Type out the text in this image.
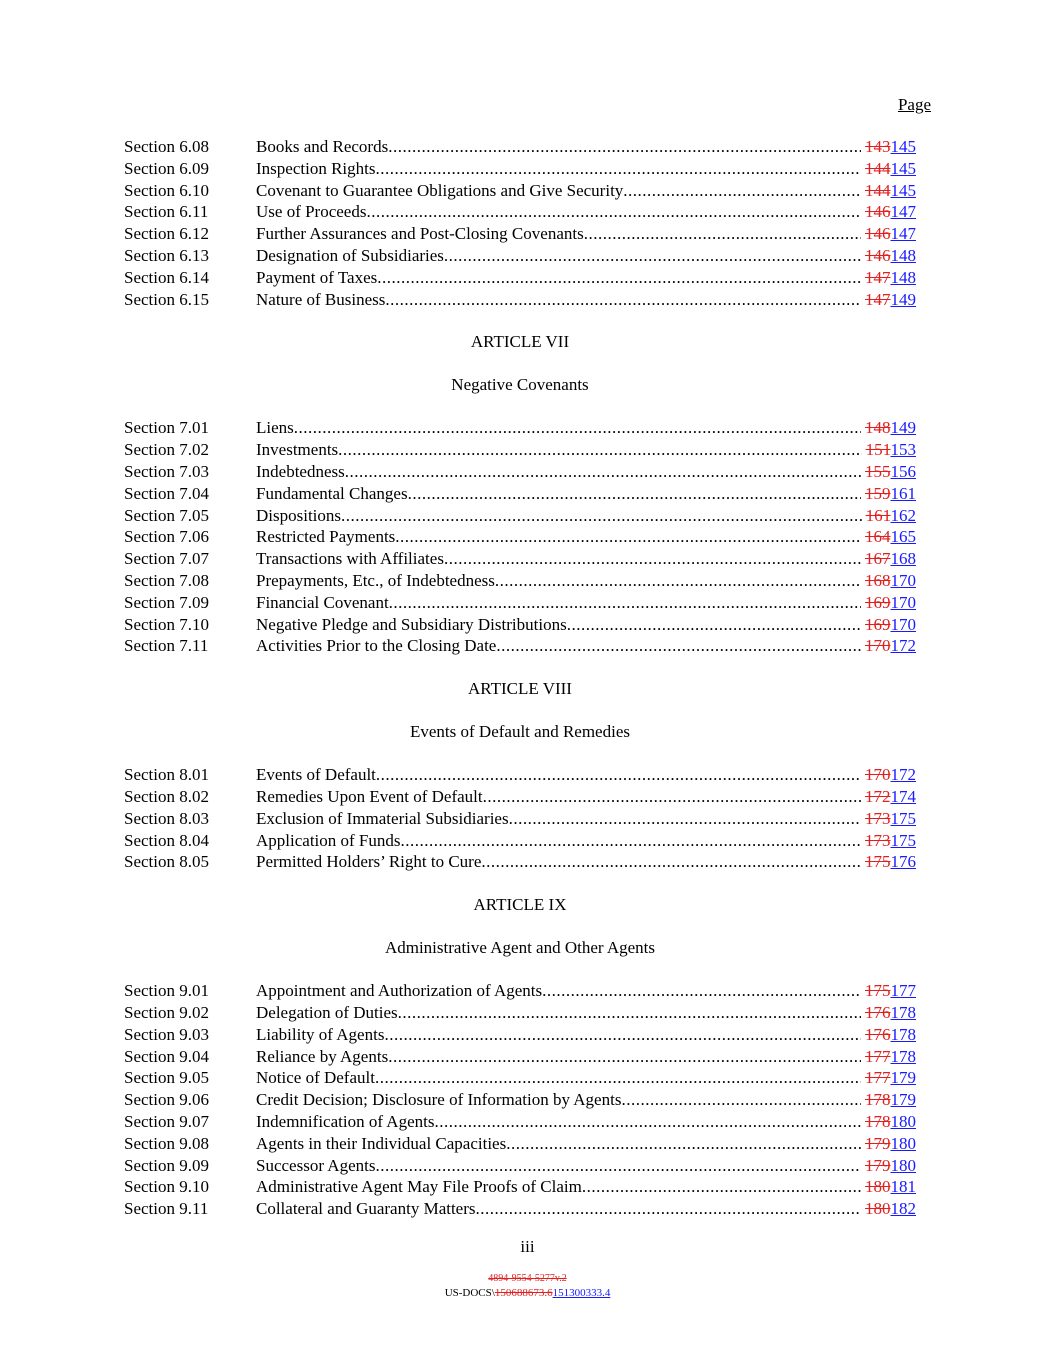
Page
Section 6.08	Books and Records .....	143145
Section 6.09	Inspection Rights .....	144145
Section 6.10	Covenant to Guarantee Obligations and Give Security .....	144145
Section 6.11	Use of Proceeds .....	146147
Section 6.12	Further Assurances and Post-Closing Covenants .....	146147
Section 6.13	Designation of Subsidiaries .....	146148
Section 6.14	Payment of Taxes .....	147148
Section 6.15	Nature of Business .....	147149
ARTICLE VII
Negative Covenants
Section 7.01	Liens .....	148149
Section 7.02	Investments .....	151153
Section 7.03	Indebtedness .....	155156
Section 7.04	Fundamental Changes .....	159161
Section 7.05	Dispositions .....	161162
Section 7.06	Restricted Payments .....	164165
Section 7.07	Transactions with Affiliates .....	167168
Section 7.08	Prepayments, Etc., of Indebtedness .....	168170
Section 7.09	Financial Covenant .....	169170
Section 7.10	Negative Pledge and Subsidiary Distributions .....	169170
Section 7.11	Activities Prior to the Closing Date .....	170172
ARTICLE VIII
Events of Default and Remedies
Section 8.01	Events of Default .....	170172
Section 8.02	Remedies Upon Event of Default .....	172174
Section 8.03	Exclusion of Immaterial Subsidiaries .....	173175
Section 8.04	Application of Funds .....	173175
Section 8.05	Permitted Holders’ Right to Cure .....	175176
ARTICLE IX
Administrative Agent and Other Agents
Section 9.01	Appointment and Authorization of Agents .....	175177
Section 9.02	Delegation of Duties .....	176178
Section 9.03	Liability of Agents .....	176178
Section 9.04	Reliance by Agents .....	177178
Section 9.05	Notice of Default .....	177179
Section 9.06	Credit Decision; Disclosure of Information by Agents .....	178179
Section 9.07	Indemnification of Agents .....	178180
Section 9.08	Agents in their Individual Capacities .....	179180
Section 9.09	Successor Agents .....	179180
Section 9.10	Administrative Agent May File Proofs of Claim .....	180181
Section 9.11	Collateral and Guaranty Matters .....	180182
iii
4894-9554-5277v.2
US-DOCS\150688673.6151300333.4
